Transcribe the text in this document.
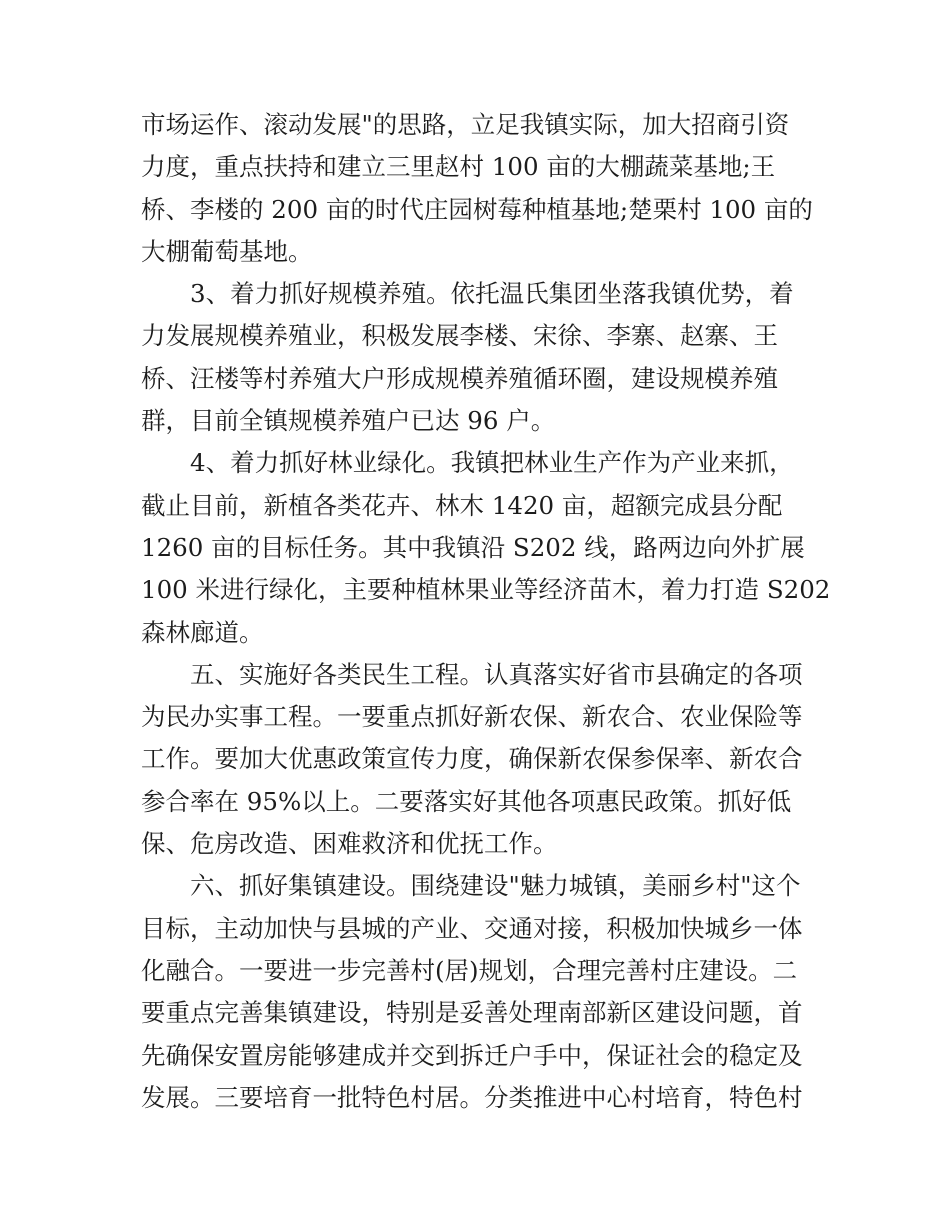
市场运作、滚动发展"的思路，立足我镇实际，加大招商引资
力度，重点扶持和建立三里赵村 100 亩的大棚蔬菜基地;王
桥、李楼的 200 亩的时代庄园树莓种植基地;楚栗村 100 亩的
大棚葡萄基地。
　　3、着力抓好规模养殖。依托温氏集团坐落我镇优势，着
力发展规模养殖业，积极发展李楼、宋徐、李寨、赵寨、王
桥、汪楼等村养殖大户形成规模养殖循环圈，建设规模养殖
群，目前全镇规模养殖户已达 96 户。
　　4、着力抓好林业绿化。我镇把林业生产作为产业来抓，
截止目前，新植各类花卉、林木 1420 亩，超额完成县分配
1260 亩的目标任务。其中我镇沿 S202 线，路两边向外扩展
100 米进行绿化，主要种植林果业等经济苗木，着力打造 S202
森林廊道。
　　五、实施好各类民生工程。认真落实好省市县确定的各项
为民办实事工程。一要重点抓好新农保、新农合、农业保险等
工作。要加大优惠政策宣传力度，确保新农保参保率、新农合
参合率在 95%以上。二要落实好其他各项惠民政策。抓好低
保、危房改造、困难救济和优抚工作。
　　六、抓好集镇建设。围绕建设"魅力城镇，美丽乡村"这个
目标，主动加快与县城的产业、交通对接，积极加快城乡一体
化融合。一要进一步完善村(居)规划，合理完善村庄建设。二
要重点完善集镇建设，特别是妥善处理南部新区建设问题，首
先确保安置房能够建成并交到拆迁户手中，保证社会的稳定及
发展。三要培育一批特色村居。分类推进中心村培育，特色村
